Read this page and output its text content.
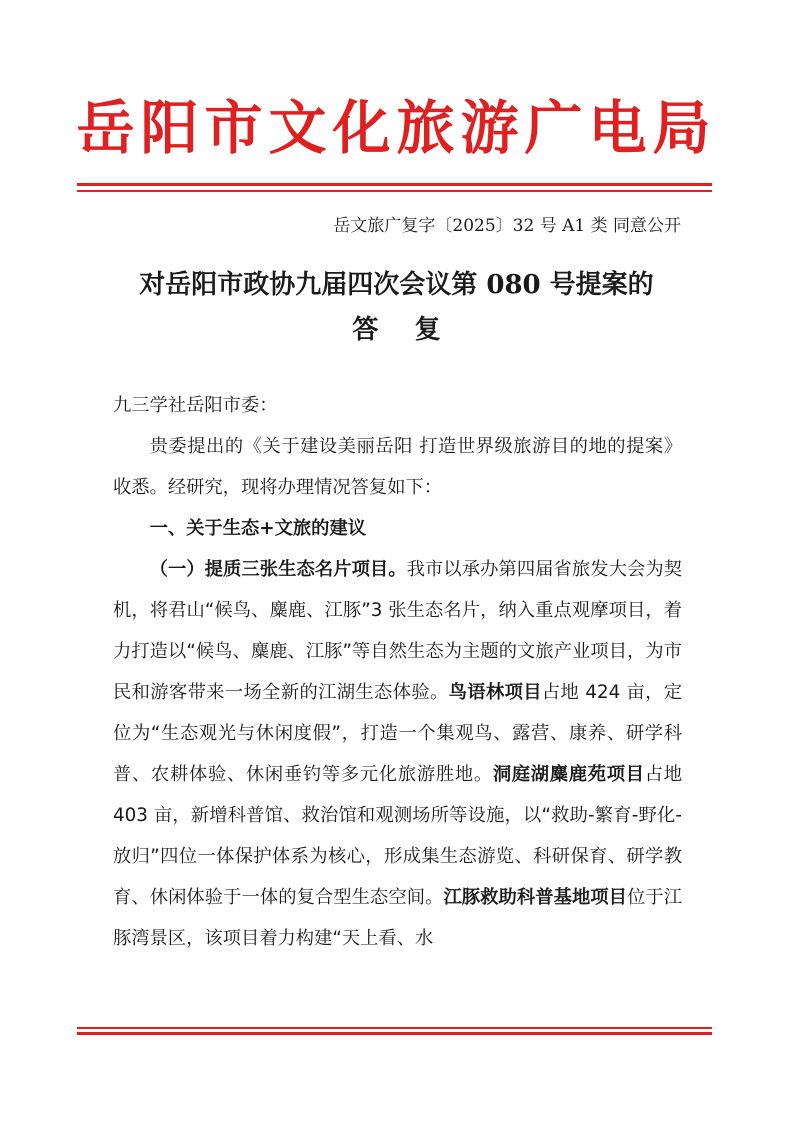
岳阳市文化旅游广电局
岳文旅广复字〔2025〕32 号 A1 类 同意公开
对岳阳市政协九届四次会议第 080 号提案的
答    复

九三学社岳阳市委：

贵委提出的《关于建设美丽岳阳 打造世界级旅游目的地的提案》收悉。经研究，现将办理情况答复如下：

一、关于生态+文旅的建议

（一）提质三张生态名片项目。我市以承办第四届省旅发大会为契机，将君山“候鸟、麋鹿、江豚”3 张生态名片，纳入重点观摩项目，着力打造以“候鸟、麋鹿、江豚”等自然生态为主题的文旅产业项目，为市民和游客带来一场全新的江湖生态体验。鸟语林项目占地 424 亩，定位为“生态观光与休闲度假”，打造一个集观鸟、露营、康养、研学科普、农耕体验、休闲垂钓等多元化旅游胜地。洞庭湖麋鹿苑项目占地 403 亩，新增科普馆、救治馆和观测场所等设施，以“救助-繁育-野化-放归”四位一体保护体系为核心，形成集生态游览、科研保育、研学教育、休闲体验于一体的复合型生态空间。江豚救助科普基地项目位于江豚湾景区，该项目着力构建“天上看、水
